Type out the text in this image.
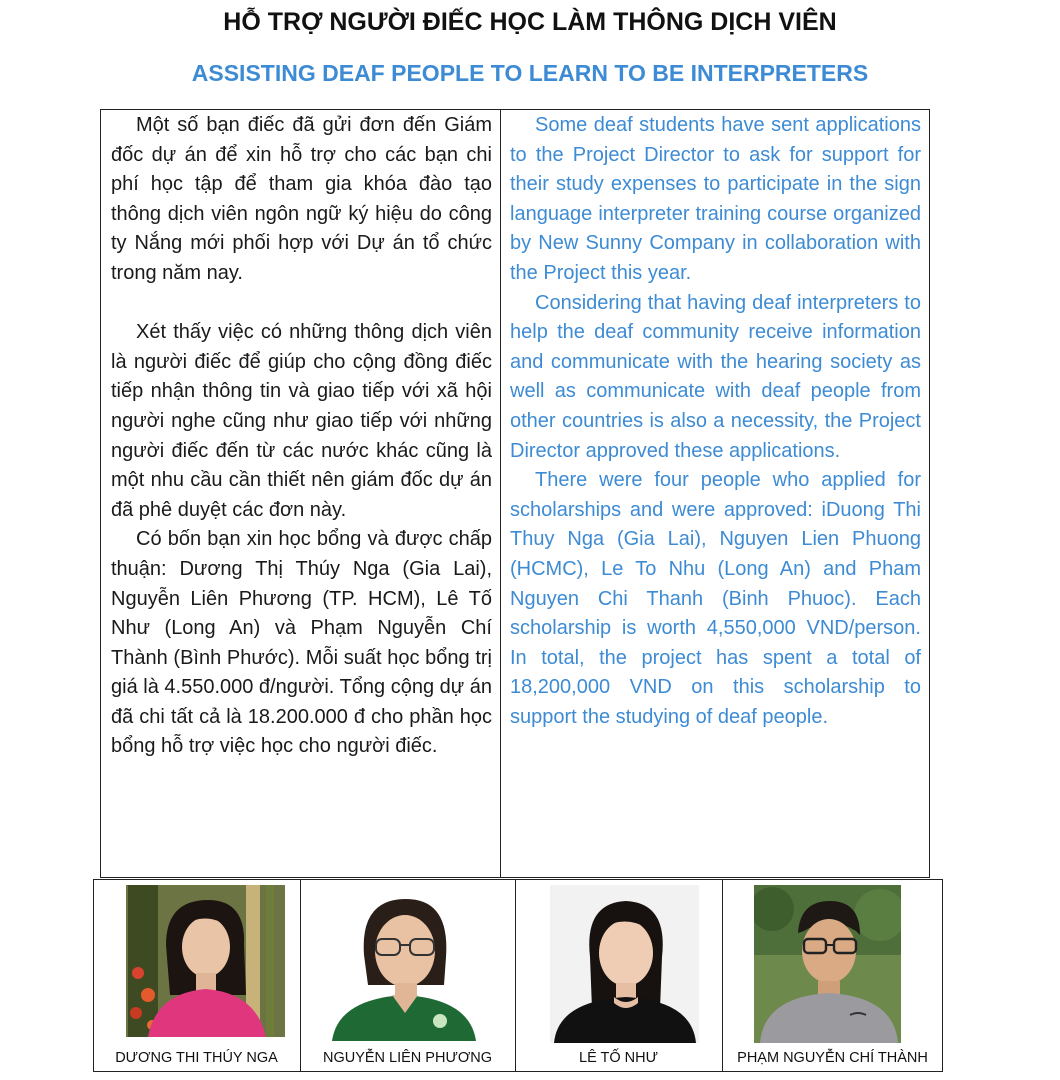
HỖ TRỢ NGƯỜI ĐIẾC HỌC LÀM THÔNG DỊCH VIÊN
ASSISTING DEAF PEOPLE TO LEARN TO BE INTERPRETERS

Một số bạn điếc đã gửi đơn đến Giám đốc dự án để xin hỗ trợ cho các bạn chi phí học tập để tham gia khóa đào tạo thông dịch viên ngôn ngữ ký hiệu do công ty Nắng mới phối hợp với Dự án tổ chức trong năm nay.

Xét thấy việc có những thông dịch viên là người điếc để giúp cho cộng đồng điếc tiếp nhận thông tin và giao tiếp với xã hội người nghe cũng như giao tiếp với những người điếc đến từ các nước khác cũng là một nhu cầu cần thiết nên giám đốc dự án đã phê duyệt các đơn này.

Có bốn bạn xin học bổng và được chấp thuận: Dương Thị Thúy Nga (Gia Lai), Nguyễn Liên Phương (TP. HCM), Lê Tố Như (Long An) và Phạm Nguyễn Chí Thành (Bình Phước). Mỗi suất học bổng trị giá là 4.550.000 đ/người. Tổng cộng dự án đã chi tất cả là 18.200.000 đ cho phần học bổng hỗ trợ việc học cho người điếc.

Some deaf students have sent applications to the Project Director to ask for support for their study expenses to participate in the sign language interpreter training course organized by New Sunny Company in collaboration with the Project this year.

Considering that having deaf interpreters to help the deaf community receive information and communicate with the hearing society as well as communicate with deaf people from other countries is also a necessity, the Project Director approved these applications.

There were four people who applied for scholarships and were approved: iDuong Thi Thuy Nga (Gia Lai), Nguyen Lien Phuong (HCMC), Le To Nhu (Long An) and Pham Nguyen Chi Thanh (Binh Phuoc). Each scholarship is worth 4,550,000 VND/person. In total, the project has spent a total of 18,200,000 VND on this scholarship to support the studying of deaf people.

DƯƠNG THI THÚY NGA	NGUYỄN LIÊN PHƯƠNG	LÊ TỐ NHƯ	PHẠM NGUYỄN CHÍ THÀNH
